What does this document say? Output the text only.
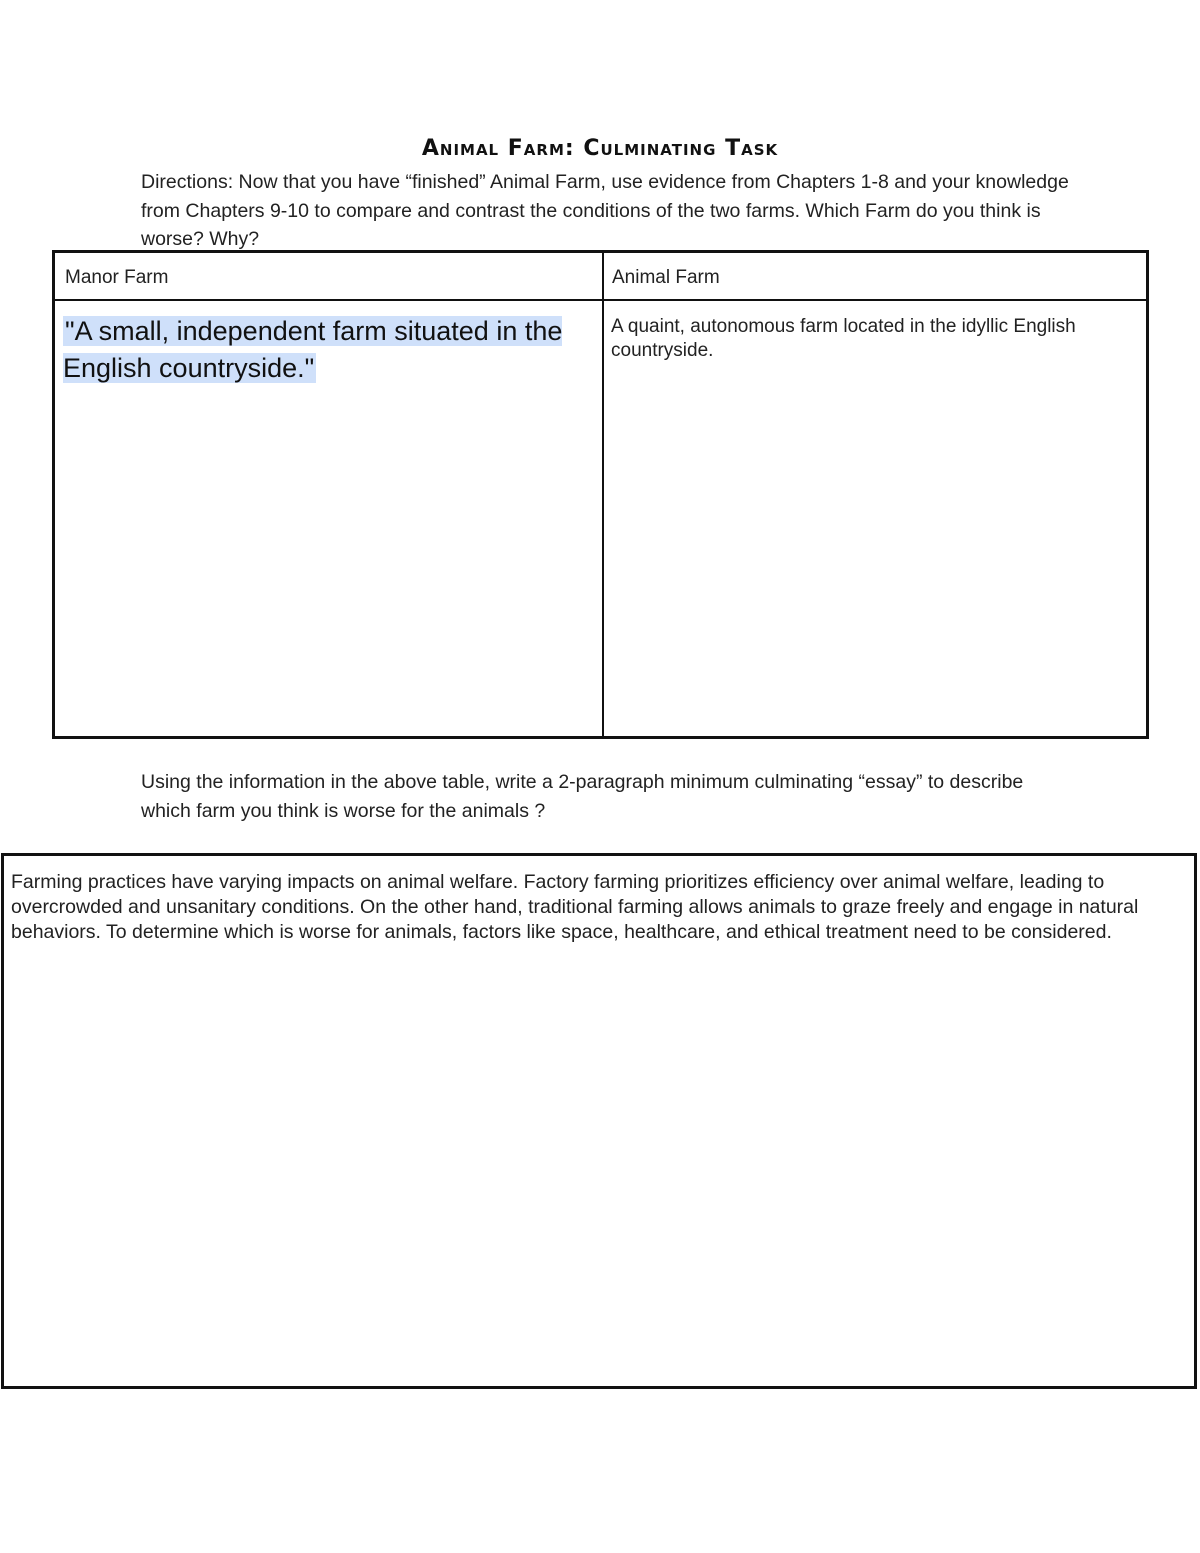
Animal Farm: Culminating Task
Directions: Now that you have “finished” Animal Farm, use evidence from Chapters 1-8 and your knowledge from Chapters 9-10 to compare and contrast the conditions of the two farms. Which Farm do you think is worse? Why?
Manor Farm	Animal Farm
"A small, independent farm situated in the English countryside."
A quaint, autonomous farm located in the idyllic English countryside.
Using the information in the above table, write a 2-paragraph minimum culminating “essay” to describe which farm you think is worse for the animals ?
Farming practices have varying impacts on animal welfare. Factory farming prioritizes efficiency over animal welfare, leading to overcrowded and unsanitary conditions. On the other hand, traditional farming allows animals to graze freely and engage in natural behaviors. To determine which is worse for animals, factors like space, healthcare, and ethical treatment need to be considered.
